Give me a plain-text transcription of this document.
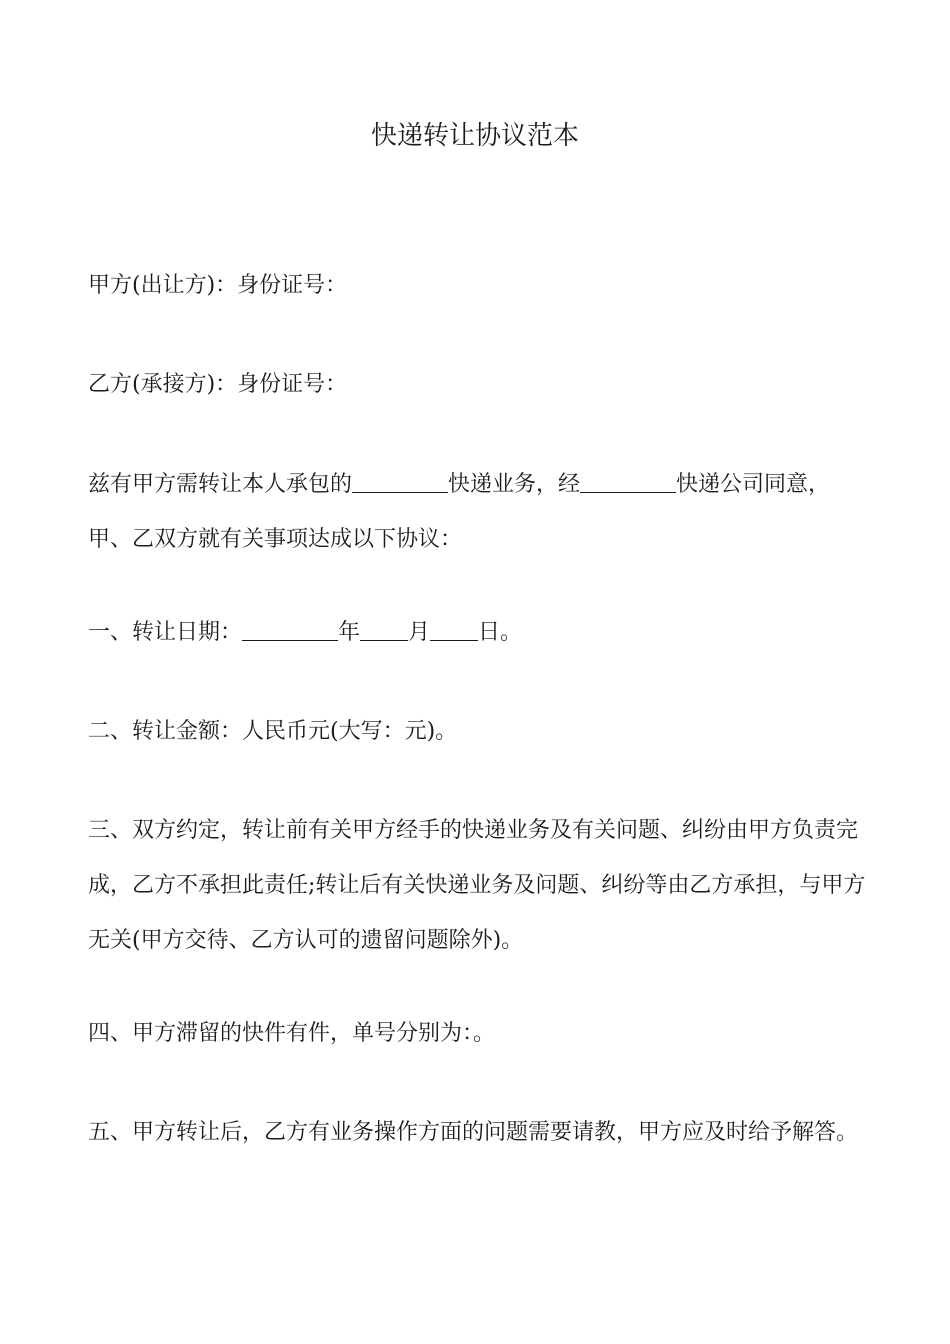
快递转让协议范本

甲方(出让方)：身份证号：

乙方(承接方)：身份证号：

兹有甲方需转让本人承包的	快递业务，经	快递公司同意，甲、乙双方就有关事项达成以下协议：

一、转让日期：	年 月 日。

二、转让金额：人民币元(大写：元)。

三、双方约定，转让前有关甲方经手的快递业务及有关问题、纠纷由甲方负责完成，乙方不承担此责任;转让后有关快递业务及问题、纠纷等由乙方承担，与甲方无关(甲方交待、乙方认可的遗留问题除外)。

四、甲方滞留的快件有件，单号分别为：。

五、甲方转让后，乙方有业务操作方面的问题需要请教，甲方应及时给予解答。
